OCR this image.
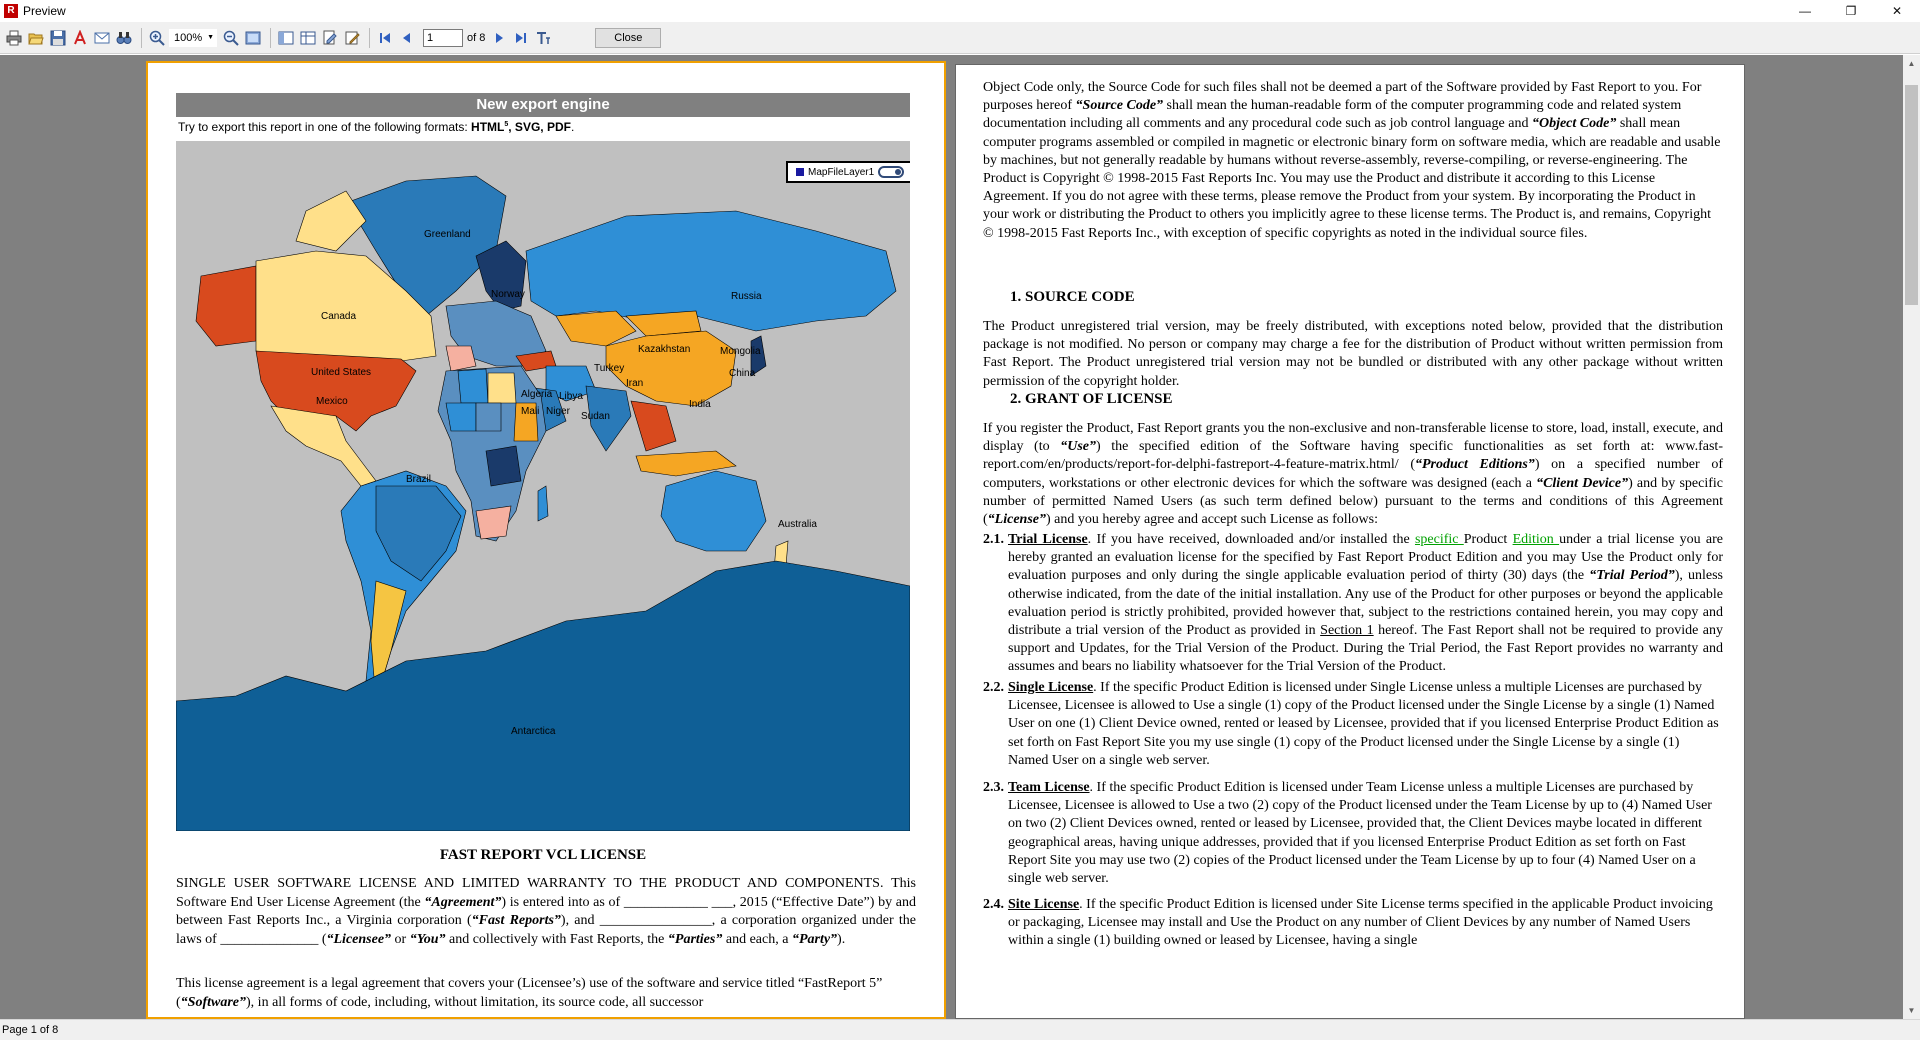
R Preview	—	❐	✕
100% ▼
1	of 8	Close
New export engine
Try to export this report in one of the following formats: HTML$^5$, SVG, PDF.
MapFileLayer1
Greenland
Canada
Russia
Norway
Kazakhstan	Mongolia
China
Turkey
Iran
United States
Mexico
Algeria Libya
Mali Niger Sudan
India
Brazil
Australia
Antarctica
FAST REPORT VCL LICENSE
SINGLE USER SOFTWARE LICENSE AND LIMITED WARRANTY TO THE PRODUCT AND COMPONENTS. This Software End User License Agreement (the “Agreement”) is entered into as of ____________ ___, 2015 (“Effective Date”) by and between Fast Reports Inc., a Virginia corporation (“Fast Reports”), and ________________, a corporation organized under the laws of ______________ (“Licensee” or “You” and collectively with Fast Reports, the “Parties” and each, a “Party”).
This license agreement is a legal agreement that covers your (Licensee’s) use of the software and service titled “FastReport 5” (“Software”), in all forms of code, including, without limitation, its source code, all successor
Object Code only, the Source Code for such files shall not be deemed a part of the Software provided by Fast Report to you. For purposes hereof “Source Code” shall mean the human-readable form of the computer programming code and related system documentation including all comments and any procedural code such as job control language and “Object Code” shall mean computer programs assembled or compiled in magnetic or electronic binary form on software media, which are readable and usable by machines, but not generally readable by humans without reverse-assembly, reverse-compiling, or reverse-engineering. The Product is Copyright © 1998-2015 Fast Reports Inc. You may use the Product and distribute it according to this License Agreement. If you do not agree with these terms, please remove the Product from your system. By incorporating the Product in your work or distributing the Product to others you implicitly agree to these license terms. The Product is, and remains, Copyright © 1998-2015 Fast Reports Inc., with exception of specific copyrights as noted in the individual source files.
1. SOURCE CODE
The Product unregistered trial version, may be freely distributed, with exceptions noted below, provided that the distribution package is not modified. No person or company may charge a fee for the distribution of Product without written permission from Fast Report. The Product unregistered trial version may not be bundled or distributed with any other package without written permission of the copyright holder.
2. GRANT OF LICENSE
If you register the Product, Fast Report grants you the non-exclusive and non-transferable license to store, load, install, execute, and display (to “Use”) the specified edition of the Software having specific functionalities as set forth at: www.fast-report.com/en/products/report-for-delphi-fastreport-4-feature-matrix.html/ (“Product Editions”) on a specified number of computers, workstations or other electronic devices for which the software was designed (each a “Client Device”) and by specific number of permitted Named Users (as such term defined below) pursuant to the terms and conditions of this Agreement (“License”) and you hereby agree and accept such License as follows:
2.1. Trial License. If you have received, downloaded and/or installed the specific Product Edition under a trial license you are hereby granted an evaluation license for the specified by Fast Report Product Edition and you may Use the Product only for evaluation purposes and only during the single applicable evaluation period of thirty (30) days (the “Trial Period”), unless otherwise indicated, from the date of the initial installation. Any use of the Product for other purposes or beyond the applicable evaluation period is strictly prohibited, provided however that, subject to the restrictions contained herein, you may copy and distribute a trial version of the Product as provided in Section 1 hereof. The Fast Report shall not be required to provide any support and Updates, for the Trial Version of the Product. During the Trial Period, the Fast Report provides no warranty and assumes and bears no liability whatsoever for the Trial Version of the Product.
2.2. Single License. If the specific Product Edition is licensed under Single License unless a multiple Licenses are purchased by Licensee, Licensee is allowed to Use a single (1) copy of the Product licensed under the Single License by a single (1) Named User on one (1) Client Device owned, rented or leased by Licensee, provided that if you licensed Enterprise Product Edition as set forth on Fast Report Site you my use single (1) copy of the Product licensed under the Single License by a single (1) Named User on a single web server.
2.3. Team License. If the specific Product Edition is licensed under Team License unless a multiple Licenses are purchased by Licensee, Licensee is allowed to Use a two (2) copy of the Product licensed under the Team License by up to (4) Named User on two (2) Client Devices owned, rented or leased by Licensee, provided that, the Client Devices maybe located in different geographical areas, having unique addresses, provided that if you licensed Enterprise Product Edition as set forth on Fast Report Site you may use two (2) copies of the Product licensed under the Team License by up to four (4) Named User on a single web server.
2.4. Site License. If the specific Product Edition is licensed under Site License terms specified in the applicable Product invoicing or packaging, Licensee may install and Use the Product on any number of Client Devices by any number of Named Users within a single (1) building owned or leased by Licensee, having a single
▲
▼
Page 1 of 8
